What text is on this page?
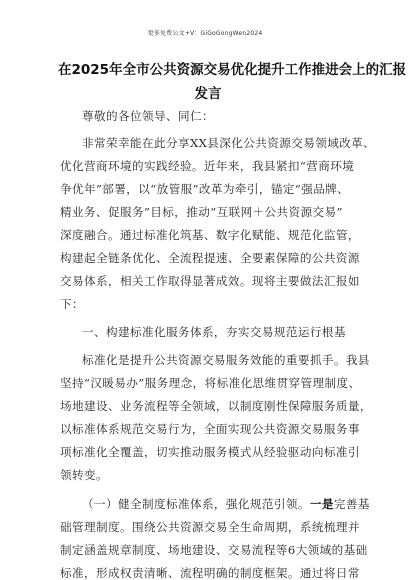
更多免费公文+V：GiGoGongWen2024
在2025年全市公共资源交易优化提升工作推进会上的汇报
发言
尊敬的各位领导、同仁：
非常荣幸能在此分享XX县深化公共资源交易领域改革、
优化营商环境的实践经验。近年来，我县紧扣“营商环境
争优年”部署，以“放管服”改革为牵引，锚定“强品牌、
精业务、促服务”目标，推动“互联网＋公共资源交易”
深度融合。通过标准化筑基、数字化赋能、规范化监管，
构建起全链条优化、全流程提速、全要素保障的公共资源
交易体系，相关工作取得显著成效。现将主要做法汇报如
下：
一、构建标准化服务体系，夯实交易规范运行根基
标准化是提升公共资源交易服务效能的重要抓手。我县
坚持“汉暖易办”服务理念，将标准化思维贯穿管理制度、
场地建设、业务流程等全领域，以制度刚性保障服务质量，
以标准体系规范交易行为，全面实现公共资源交易服务事
项标准化全覆盖，切实推动服务模式从经验驱动向标准引
领转变。
（一）健全制度标准体系，强化规范引领。一是完善基
础管理制度。围绕公共资源交易全生命周期，系统梳理并
制定涵盖规章制度、场地建设、交易流程等6大领域的基础
标准，形成权责清晰、流程明确的制度框架。通过将日常
